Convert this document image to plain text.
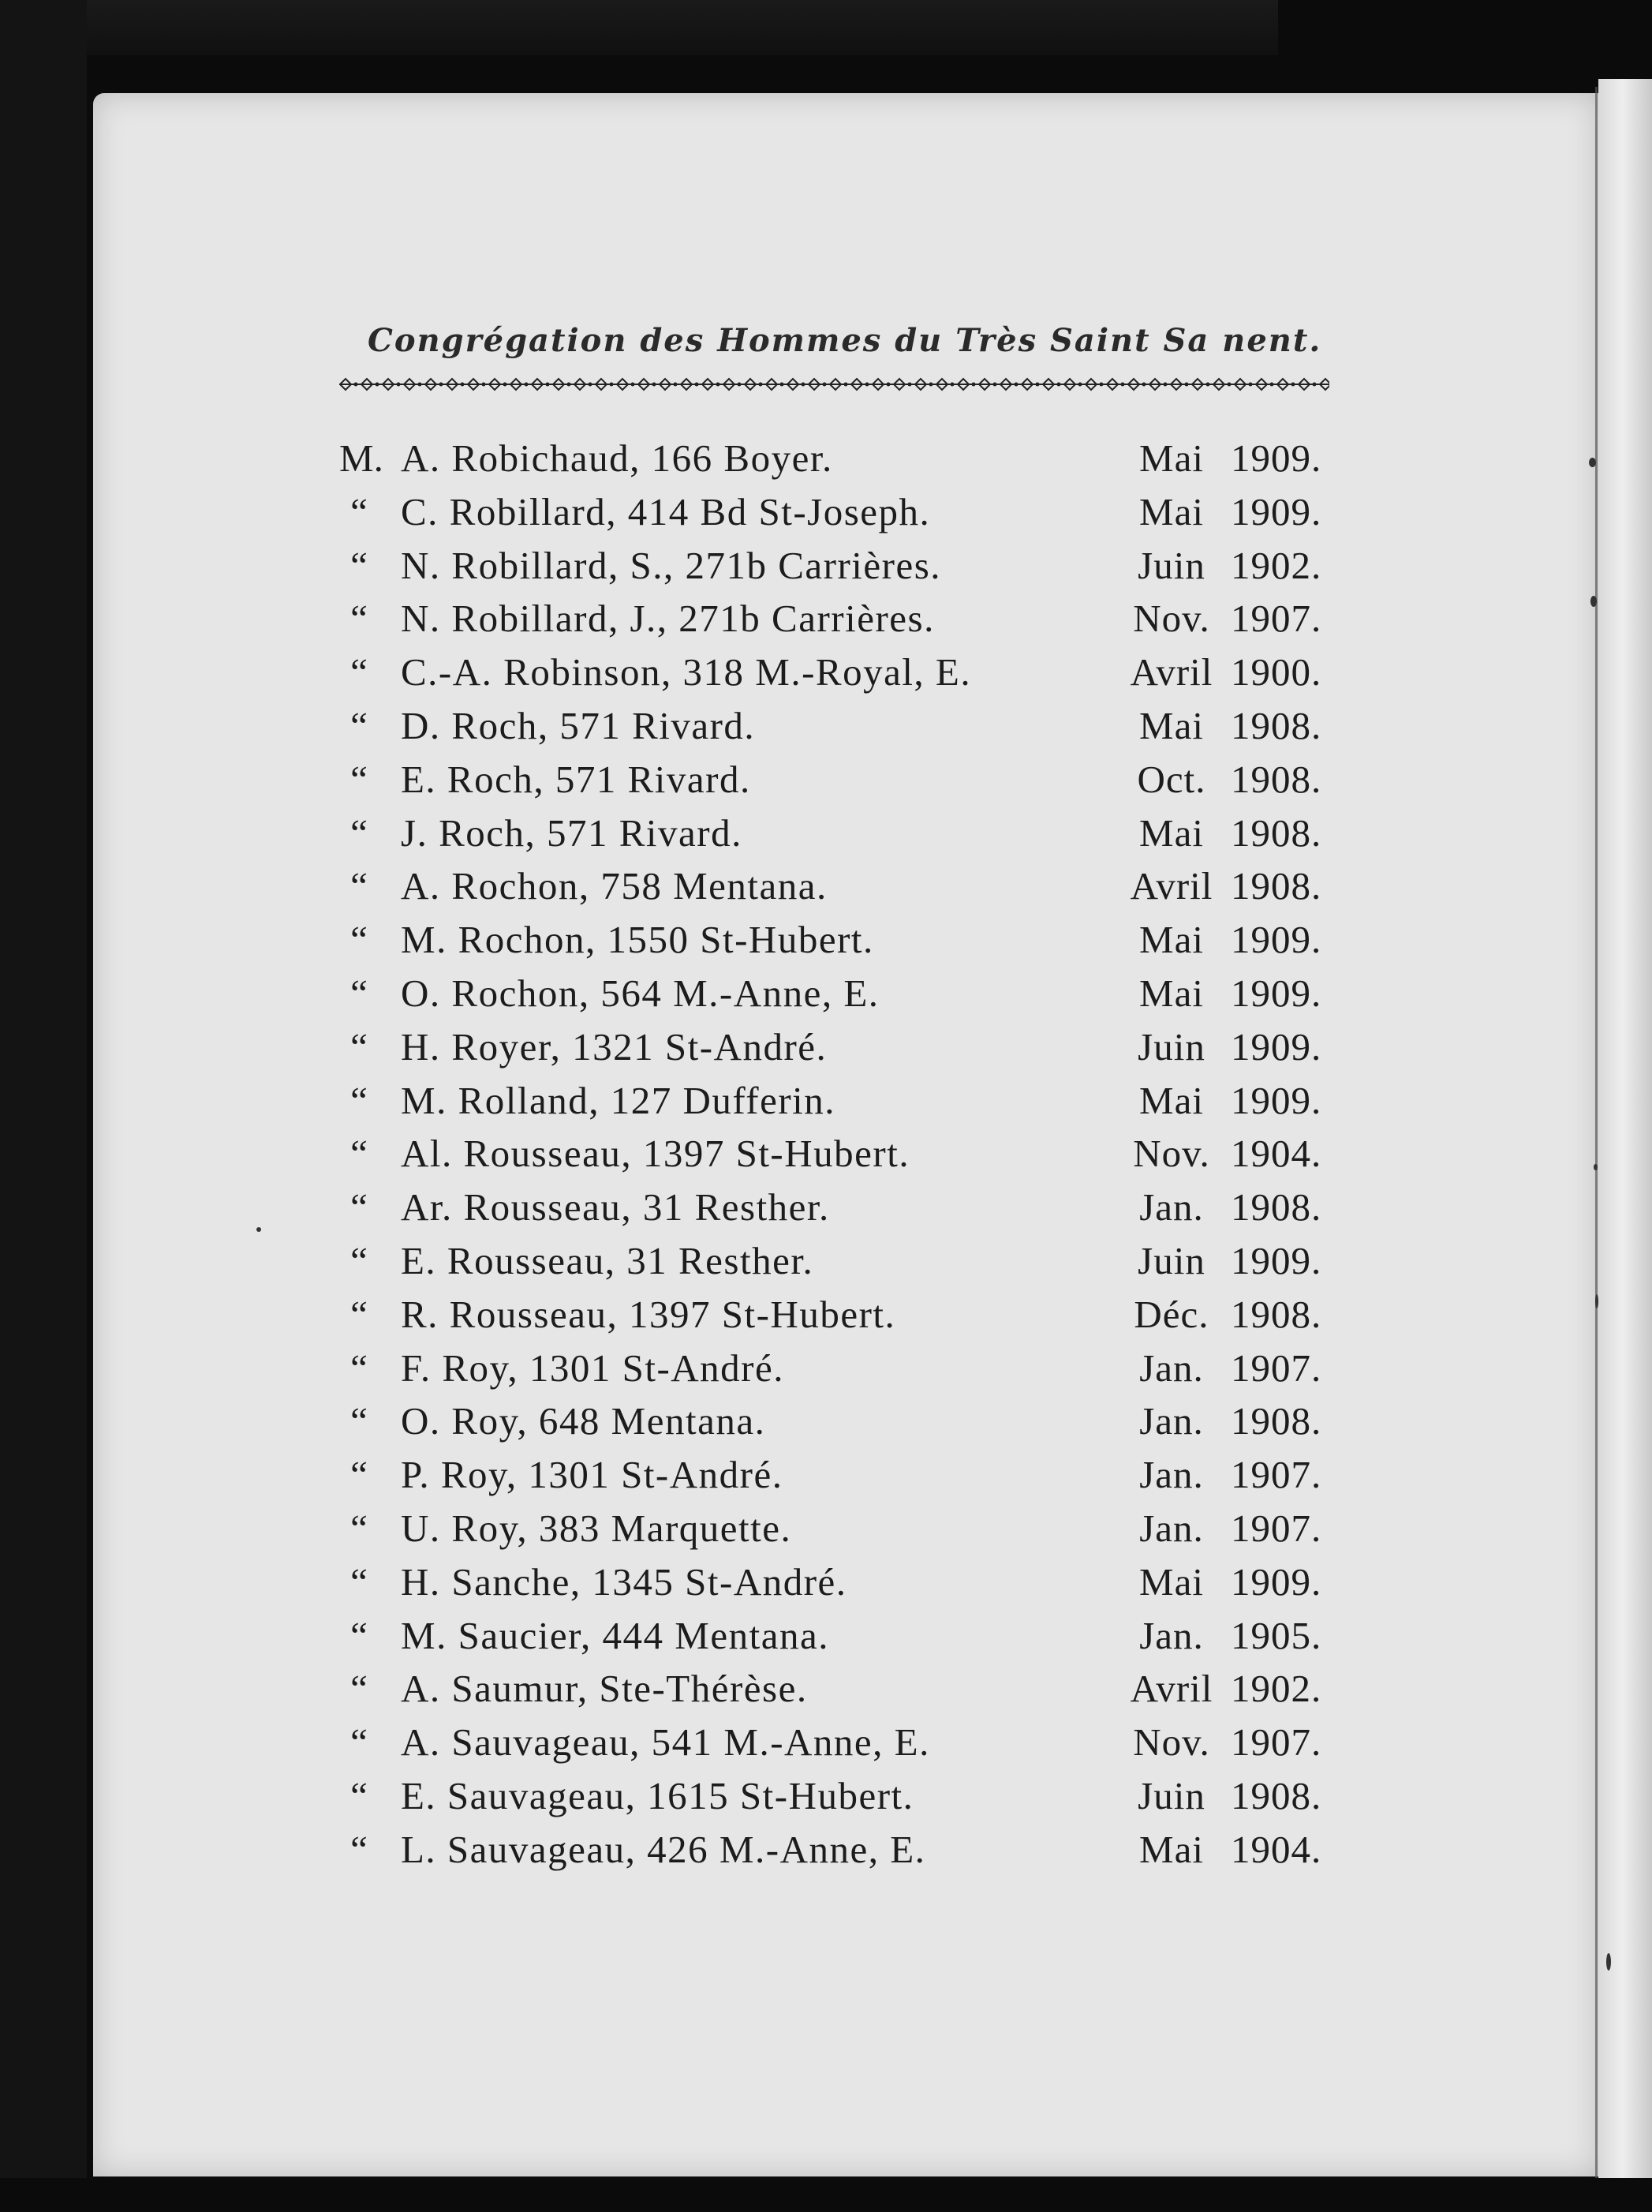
Congrégation des Hommes du Très Saint Sa nent.
M. A. Robichaud, 166 Boyer.	Mai 1909.
“ C. Robillard, 414 Bd St-Joseph.	Mai 1909.
“ N. Robillard, S., 271b Carrières.	Juin 1902.
“ N. Robillard, J., 271b Carrières.	Nov. 1907.
“ C.-A. Robinson, 318 M.-Royal, E.	Avril 1900.
“ D. Roch, 571 Rivard.	Mai 1908.
“ E. Roch, 571 Rivard.	Oct. 1908.
“ J. Roch, 571 Rivard.	Mai 1908.
“ A. Rochon, 758 Mentana.	Avril 1908.
“ M. Rochon, 1550 St-Hubert.	Mai 1909.
“ O. Rochon, 564 M.-Anne, E.	Mai 1909.
“ H. Royer, 1321 St-André.	Juin 1909.
“ M. Rolland, 127 Dufferin.	Mai 1909.
“ Al. Rousseau, 1397 St-Hubert.	Nov. 1904.
“ Ar. Rousseau, 31 Resther.	Jan. 1908.
“ E. Rousseau, 31 Resther.	Juin 1909.
“ R. Rousseau, 1397 St-Hubert.	Déc. 1908.
“ F. Roy, 1301 St-André.	Jan. 1907.
“ O. Roy, 648 Mentana.	Jan. 1908.
“ P. Roy, 1301 St-André.	Jan. 1907.
“ U. Roy, 383 Marquette.	Jan. 1907.
“ H. Sanche, 1345 St-André.	Mai 1909.
“ M. Saucier, 444 Mentana.	Jan. 1905.
“ A. Saumur, Ste-Thérèse.	Avril 1902.
“ A. Sauvageau, 541 M.-Anne, E.	Nov. 1907.
“ E. Sauvageau, 1615 St-Hubert.	Juin 1908.
“ L. Sauvageau, 426 M.-Anne, E.	Mai 1904.
